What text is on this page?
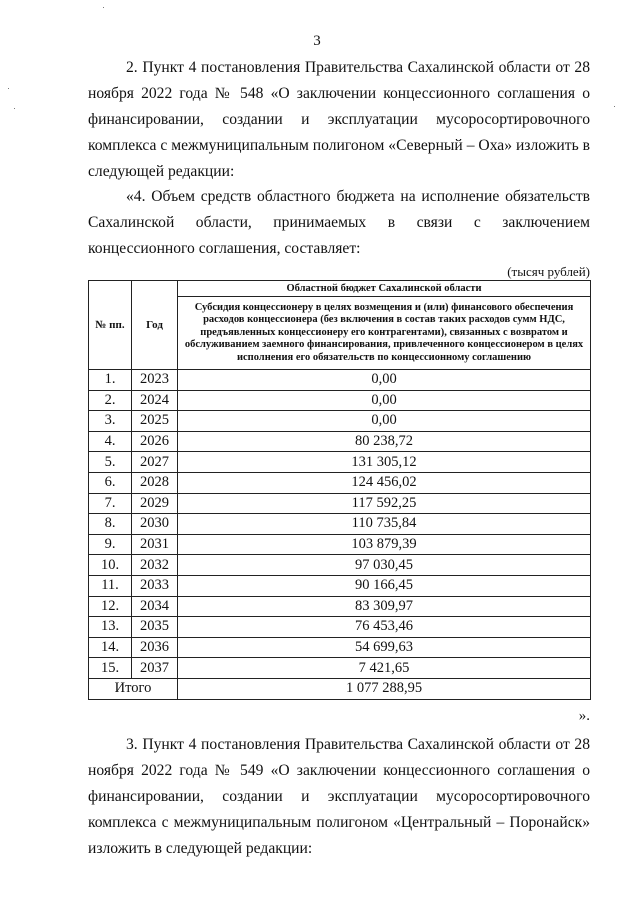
3
2. Пункт 4 постановления Правительства Сахалинской области от 28 ноября 2022 года № 548 «О заключении концессионного соглашения о финансировании, создании и эксплуатации мусоросортировочного комплекса с межмуниципальным полигоном «Северный – Оха» изложить в следующей редакции:
«4. Объем средств областного бюджета на исполнение обязательств Сахалинской области, принимаемых в связи с заключением концессионного соглашения, составляет:
(тысяч рублей)
№ пп.	Год	Областной бюджет Сахалинской области
		Субсидия концессионеру в целях возмещения и (или) финансового обеспечения расходов концессионера (без включения в состав таких расходов сумм НДС, предъявленных концессионеру его контрагентами), связанных с возвратом и обслуживанием заемного финансирования, привлеченного концессионером в целях исполнения его обязательств по концессионному соглашению
1.	2023	0,00
2.	2024	0,00
3.	2025	0,00
4.	2026	80 238,72
5.	2027	131 305,12
6.	2028	124 456,02
7.	2029	117 592,25
8.	2030	110 735,84
9.	2031	103 879,39
10.	2032	97 030,45
11.	2033	90 166,45
12.	2034	83 309,97
13.	2035	76 453,46
14.	2036	54 699,63
15.	2037	7 421,65
Итого		1 077 288,95
».
3. Пункт 4 постановления Правительства Сахалинской области от 28 ноября 2022 года № 549 «О заключении концессионного соглашения о финансировании, создании и эксплуатации мусоросортировочного комплекса с межмуниципальным полигоном «Центральный – Поронайск» изложить в следующей редакции:
